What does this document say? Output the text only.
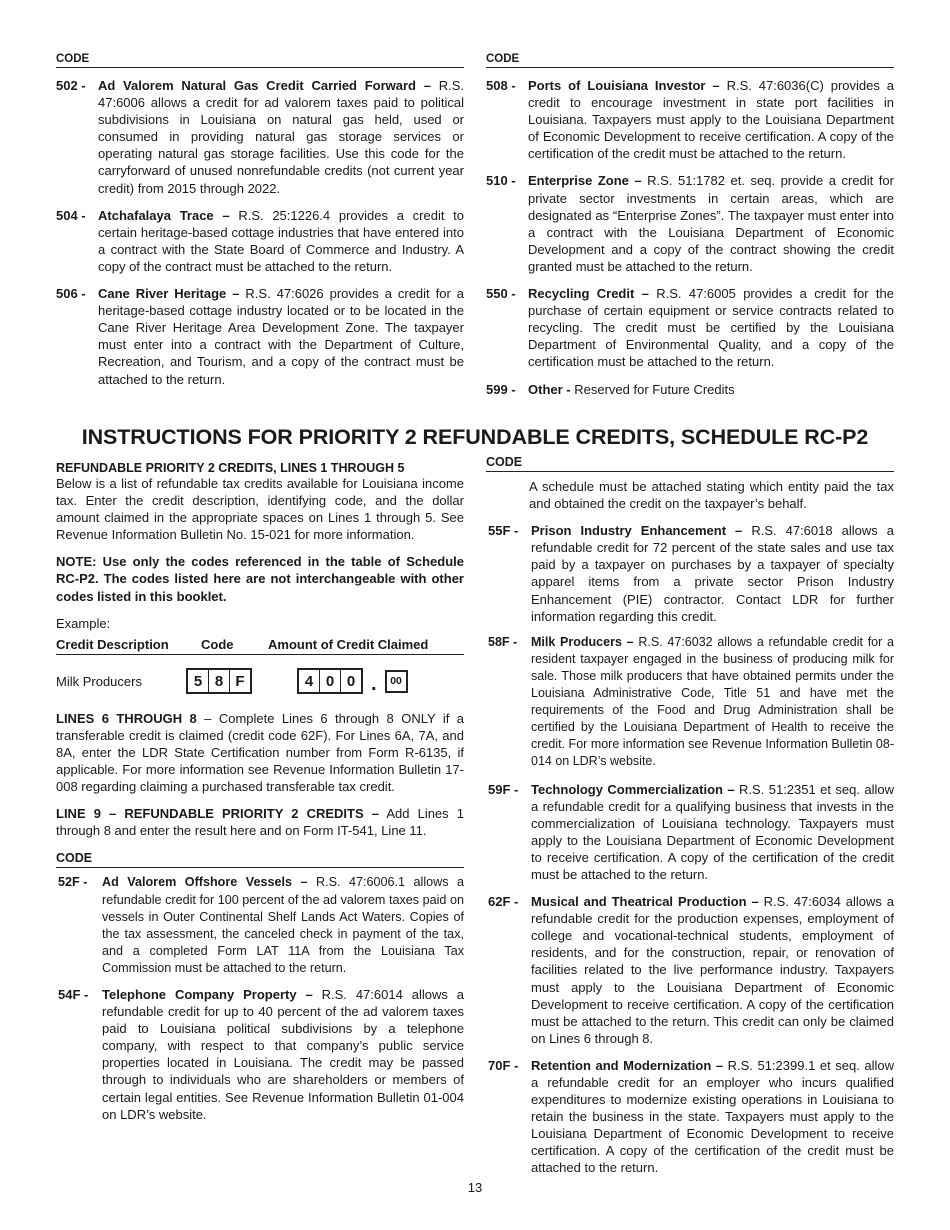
CODE
502 - Ad Valorem Natural Gas Credit Carried Forward – R.S. 47:6006 allows a credit for ad valorem taxes paid to political subdivisions in Louisiana on natural gas held, used or consumed in providing natural gas storage services or operating natural gas storage facilities. Use this code for the carryforward of unused nonrefundable credits (not current year credit) from 2015 through 2022.
504 - Atchafalaya Trace – R.S. 25:1226.4 provides a credit to certain heritage-based cottage industries that have entered into a contract with the State Board of Commerce and Industry. A copy of the contract must be attached to the return.
506 - Cane River Heritage – R.S. 47:6026 provides a credit for a heritage-based cottage industry located or to be located in the Cane River Heritage Area Development Zone. The taxpayer must enter into a contract with the Department of Culture, Recreation, and Tourism, and a copy of the contract must be attached to the return.
CODE
508 - Ports of Louisiana Investor – R.S. 47:6036(C) provides a credit to encourage investment in state port facilities in Louisiana. Taxpayers must apply to the Louisiana Department of Economic Development to receive certification. A copy of the certification of the credit must be attached to the return.
510 - Enterprise Zone – R.S. 51:1782 et. seq. provide a credit for private sector investments in certain areas, which are designated as “Enterprise Zones”. The taxpayer must enter into a contract with the Louisiana Department of Economic Development and a copy of the contract showing the credit granted must be attached to the return.
550 - Recycling Credit – R.S. 47:6005 provides a credit for the purchase of certain equipment or service contracts related to recycling. The credit must be certified by the Louisiana Department of Environmental Quality, and a copy of the certification must be attached to the return.
599 - Other - Reserved for Future Credits
INSTRUCTIONS FOR PRIORITY 2 REFUNDABLE CREDITS, SCHEDULE RC-P2
REFUNDABLE PRIORITY 2 CREDITS, LINES 1 THROUGH 5

Below is a list of refundable tax credits available for Louisiana income tax. Enter the credit description, identifying code, and the dollar amount claimed in the appropriate spaces on Lines 1 through 5. See Revenue Information Bulletin No. 15-021 for more information.

NOTE: Use only the codes referenced in the table of Schedule RC-P2. The codes listed here are not interchangeable with other codes listed in this booklet.

Example:

Credit Description	Code	Amount of Credit Claimed
Milk Producers	5 8 F	4 0 0 .	00

LINES 6 THROUGH 8 – Complete Lines 6 through 8 ONLY if a transferable credit is claimed (credit code 62F). For Lines 6A, 7A, and 8A, enter the LDR State Certification number from Form R-6135, if applicable. For more information see Revenue Information Bulletin 17-008 regarding claiming a purchased transferable tax credit.

LINE 9 – REFUNDABLE PRIORITY 2 CREDITS – Add Lines 1 through 8 and enter the result here and on Form IT-541, Line 11.

CODE
52F -	Ad Valorem Offshore Vessels – R.S. 47:6006.1 allows a refundable credit for 100 percent of the ad valorem taxes paid on vessels in Outer Continental Shelf Lands Act Waters. Copies of the tax assessment, the canceled check in payment of the tax, and a completed Form LAT 11A from the Louisiana Tax Commission must be attached to the return.
54F -	Telephone Company Property – R.S. 47:6014 allows a refundable credit for up to 40 percent of the ad valorem taxes paid to Louisiana political subdivisions by a telephone company, with respect to that company’s public service properties located in Louisiana. The credit may be passed through to individuals who are shareholders or members of certain legal entities. See Revenue Information Bulletin 01-004 on LDR’s website.
CODE

A schedule must be attached stating which entity paid the tax and obtained the credit on the taxpayer’s behalf.

55F - Prison Industry Enhancement – R.S. 47:6018 allows a refundable credit for 72 percent of the state sales and use tax paid by a taxpayer on purchases by a taxpayer of specialty apparel items from a private sector Prison Industry Enhancement (PIE) contractor. Contact LDR for further information regarding this credit.
58F -	Milk Producers – R.S. 47:6032 allows a refundable credit for a resident taxpayer engaged in the business of producing milk for sale. Those milk producers that have obtained permits under the Louisiana Administrative Code, Title 51 and have met the requirements of the Food and Drug Administration shall be certified by the Louisiana Department of Health to receive the credit. For more information see Revenue Information Bulletin 08-014 on LDR’s website.
59F - Technology Commercialization – R.S. 51:2351 et seq. allow a refundable credit for a qualifying business that invests in the commercialization of Louisiana technology. Taxpayers must apply to the Louisiana Department of Economic Development to receive certification. A copy of the certification of the credit must be attached to the return.
62F - Musical and Theatrical Production – R.S. 47:6034 allows a refundable credit for the production expenses, employment of college and vocational-technical students, employment of residents, and for the construction, repair, or renovation of facilities related to the live performance industry. Taxpayers must apply to the Louisiana Department of Economic Development to receive certification. A copy of the certification must be attached to the return. This credit can only be claimed on Lines 6 through 8.
70F - Retention and Modernization – R.S. 51:2399.1 et seq. allow a refundable credit for an employer who incurs qualified expenditures to modernize existing operations in Louisiana to retain the business in the state. Taxpayers must apply to the Louisiana Department of Economic Development to receive certification. A copy of the certification of the credit must be attached to the return.
13
